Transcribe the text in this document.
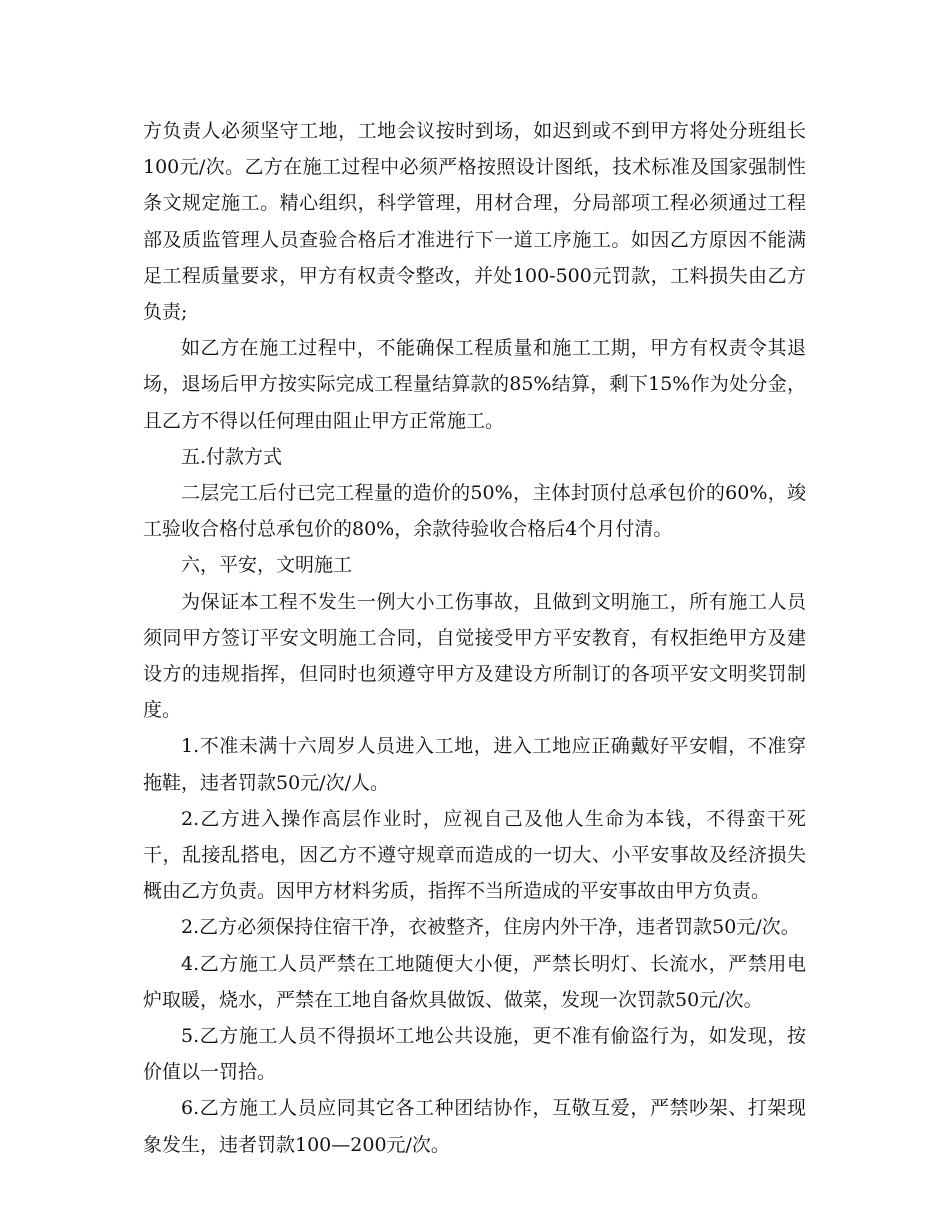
方负责人必须坚守工地，工地会议按时到场，如迟到或不到甲方将处分班组长100元/次。乙方在施工过程中必须严格按照设计图纸，技术标准及国家强制性条文规定施工。精心组织，科学管理，用材合理，分局部项工程必须通过工程部及质监管理人员查验合格后才准进行下一道工序施工。如因乙方原因不能满足工程质量要求，甲方有权责令整改，并处100-500元罚款，工料损失由乙方负责;

如乙方在施工过程中，不能确保工程质量和施工工期，甲方有权责令其退场，退场后甲方按实际完成工程量结算款的85%结算，剩下15%作为处分金，且乙方不得以任何理由阻止甲方正常施工。

五.付款方式

二层完工后付已完工程量的造价的50%，主体封顶付总承包价的60%，竣工验收合格付总承包价的80%，余款待验收合格后4个月付清。

六，平安，文明施工

为保证本工程不发生一例大小工伤事故，且做到文明施工，所有施工人员须同甲方签订平安文明施工合同，自觉接受甲方平安教育，有权拒绝甲方及建设方的违规指挥，但同时也须遵守甲方及建设方所制订的各项平安文明奖罚制度。

1.不准未满十六周岁人员进入工地，进入工地应正确戴好平安帽，不准穿拖鞋，违者罚款50元/次/人。

2.乙方进入操作高层作业时，应视自己及他人生命为本钱，不得蛮干死干，乱接乱搭电，因乙方不遵守规章而造成的一切大、小平安事故及经济损失概由乙方负责。因甲方材料劣质，指挥不当所造成的平安事故由甲方负责。

2.乙方必须保持住宿干净，衣被整齐，住房内外干净，违者罚款50元/次。

4.乙方施工人员严禁在工地随便大小便，严禁长明灯、长流水，严禁用电炉取暖，烧水，严禁在工地自备炊具做饭、做菜，发现一次罚款50元/次。

5.乙方施工人员不得损坏工地公共设施，更不准有偷盗行为，如发现，按价值以一罚拾。

6.乙方施工人员应同其它各工种团结协作，互敬互爱，严禁吵架、打架现象发生，违者罚款100—200元/次。
